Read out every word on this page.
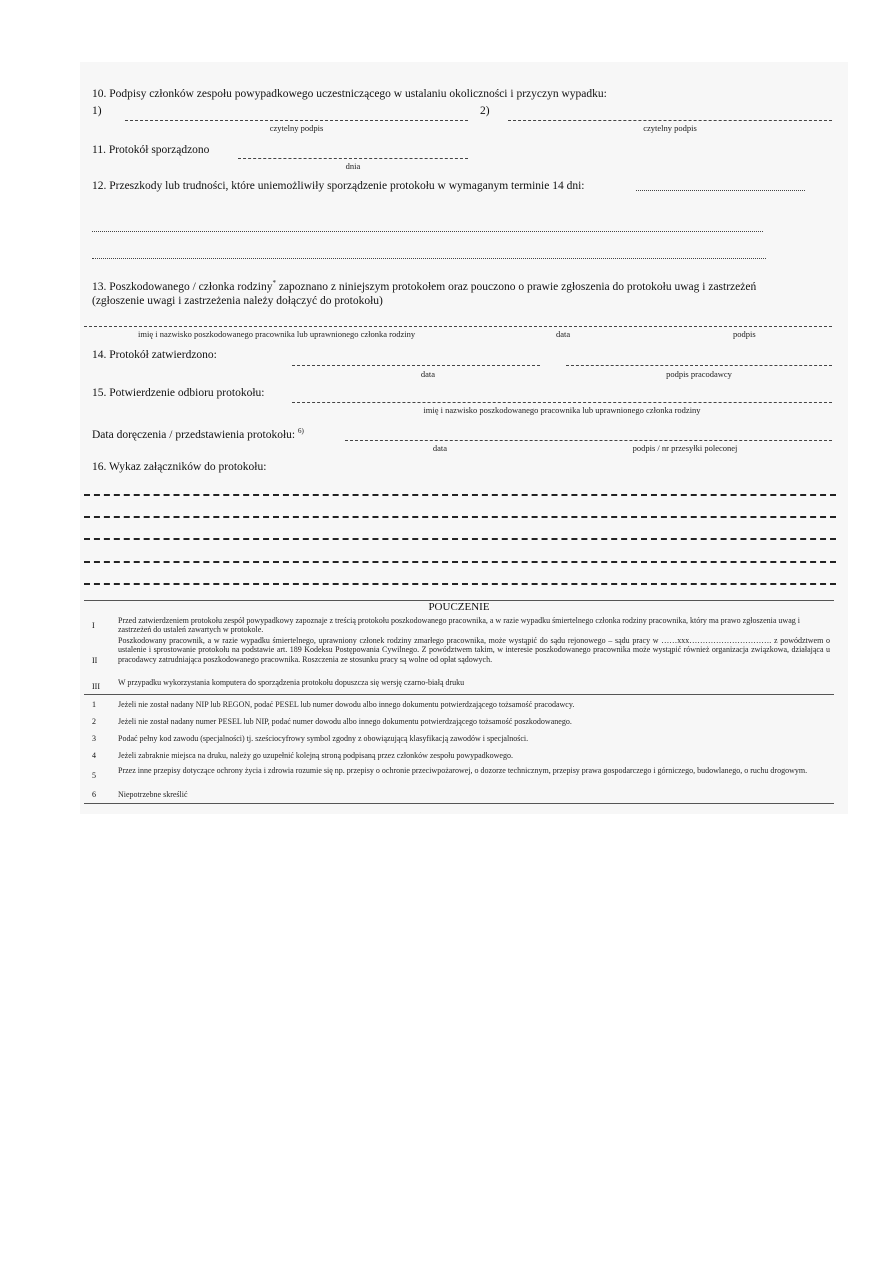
10. Podpisy członków zespołu powypadkowego uczestniczącego w ustalaniu okoliczności i przyczyn wypadku:
1)
czytelny podpis
2)
czytelny podpis
11. Protokół sporządzono
dnia
12. Przeszkody lub trudności, które uniemożliwiły sporządzenie protokołu w wymaganym terminie 14 dni:
13. Poszkodowanego / członka rodziny* zapoznano z niniejszym protokołem oraz pouczono o prawie zgłoszenia do protokołu uwag i zastrzeżeń
(zgłoszenie uwagi i zastrzeżenia należy dołączyć do protokołu)
imię i nazwisko poszkodowanego pracownika lub uprawnionego członka rodziny	data	podpis
14. Protokół zatwierdzono:
data	podpis pracodawcy
15. Potwierdzenie odbioru protokołu:
imię i nazwisko poszkodowanego pracownika lub uprawnionego członka rodziny
Data doręczenia / przedstawienia protokołu: $^{6)}$
data	podpis / nr przesyłki poleconej
16. Wykaz załączników do protokołu:
POUCZENIE
I
Przed zatwierdzeniem protokołu zespół powypadkowy zapoznaje z treścią protokołu poszkodowanego pracownika, a w razie wypadku śmiertelnego członka rodziny pracownika, który ma prawo zgłoszenia uwag i zastrzeżeń do ustaleń zawartych w protokole.
II
Poszkodowany pracownik, a w razie wypadku śmiertelnego, uprawniony członek rodziny zmarłego pracownika, może wystąpić do sądu rejonowego – sądu pracy w ……xxx…………………………. z powództwem o ustalenie i sprostowanie protokołu na podstawie art. 189 Kodeksu Postępowania Cywilnego. Z powództwem takim, w interesie poszkodowanego pracownika może wystąpić również organizacja związkowa, działająca u pracodawcy zatrudniająca poszkodowanego pracownika. Roszczenia ze stosunku pracy są wolne od opłat sądowych.
III W przypadku wykorzystania komputera do sporządzenia protokołu dopuszcza się wersję czarno-białą druku
1	Jeżeli nie został nadany NIP lub REGON, podać PESEL lub numer dowodu albo innego dokumentu potwierdzającego tożsamość pracodawcy.
2	Jeżeli nie został nadany numer PESEL lub NIP, podać numer dowodu albo innego dokumentu potwierdzającego tożsamość poszkodowanego.
3	Podać pełny kod zawodu (specjalności) tj. sześciocyfrowy symbol zgodny z obowiązującą klasyfikacją zawodów i specjalności.
4	Jeżeli zabraknie miejsca na druku, należy go uzupełnić kolejną stroną podpisaną przez członków zespołu powypadkowego.
5
Przez inne przepisy dotyczące ochrony życia i zdrowia rozumie się np. przepisy o ochronie przeciwpożarowej, o dozorze technicznym, przepisy prawa gospodarczego i górniczego, budowlanego, o ruchu drogowym.
6	Niepotrzebne skreślić
